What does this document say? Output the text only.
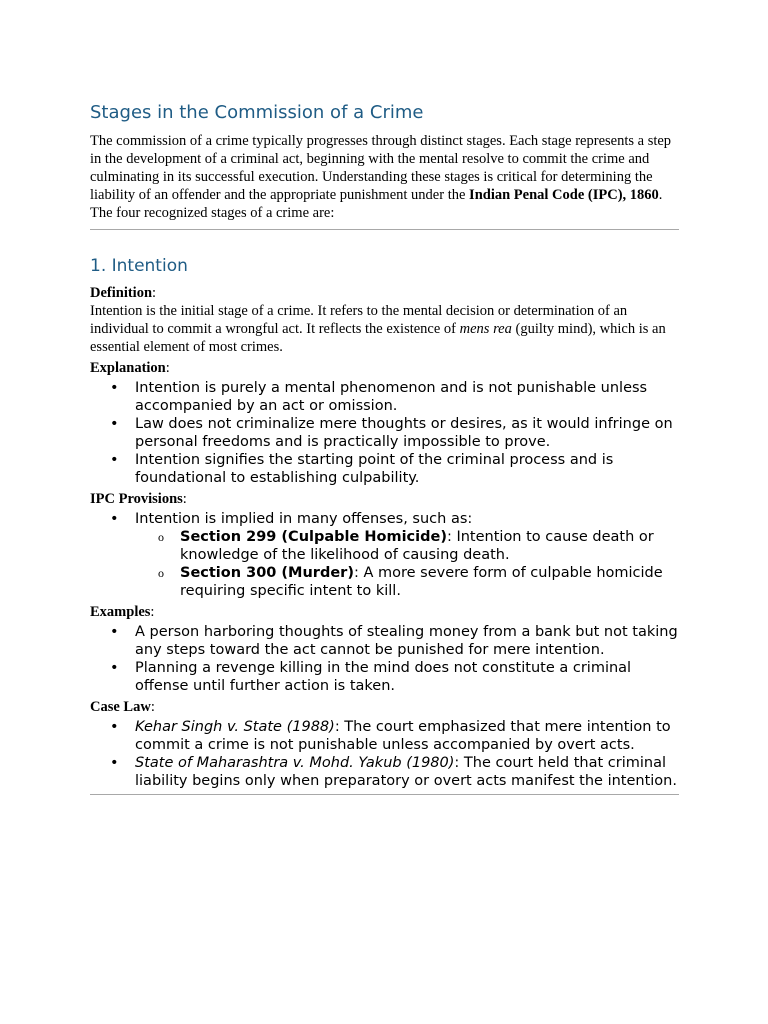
Stages in the Commission of a Crime

The commission of a crime typically progresses through distinct stages. Each stage represents a step in the development of a criminal act, beginning with the mental resolve to commit the crime and culminating in its successful execution. Understanding these stages is critical for determining the liability of an offender and the appropriate punishment under the Indian Penal Code (IPC), 1860.

The four recognized stages of a crime are:

1. Intention

Definition:

Intention is the initial stage of a crime. It refers to the mental decision or determination of an individual to commit a wrongful act. It reflects the existence of mens rea (guilty mind), which is an essential element of most crimes.

Explanation:

• Intention is purely a mental phenomenon and is not punishable unless accompanied by an act or omission.
• Law does not criminalize mere thoughts or desires, as it would infringe on personal freedoms and is practically impossible to prove.
• Intention signifies the starting point of the criminal process and is foundational to establishing culpability.

IPC Provisions:

• Intention is implied in many offenses, such as:
o Section 299 (Culpable Homicide): Intention to cause death or knowledge of the likelihood of causing death.
o Section 300 (Murder): A more severe form of culpable homicide requiring specific intent to kill.

Examples:

• A person harboring thoughts of stealing money from a bank but not taking any steps toward the act cannot be punished for mere intention.
• Planning a revenge killing in the mind does not constitute a criminal offense until further action is taken.

Case Law:

• Kehar Singh v. State (1988): The court emphasized that mere intention to commit a crime is not punishable unless accompanied by overt acts.
• State of Maharashtra v. Mohd. Yakub (1980): The court held that criminal liability begins only when preparatory or overt acts manifest the intention.
